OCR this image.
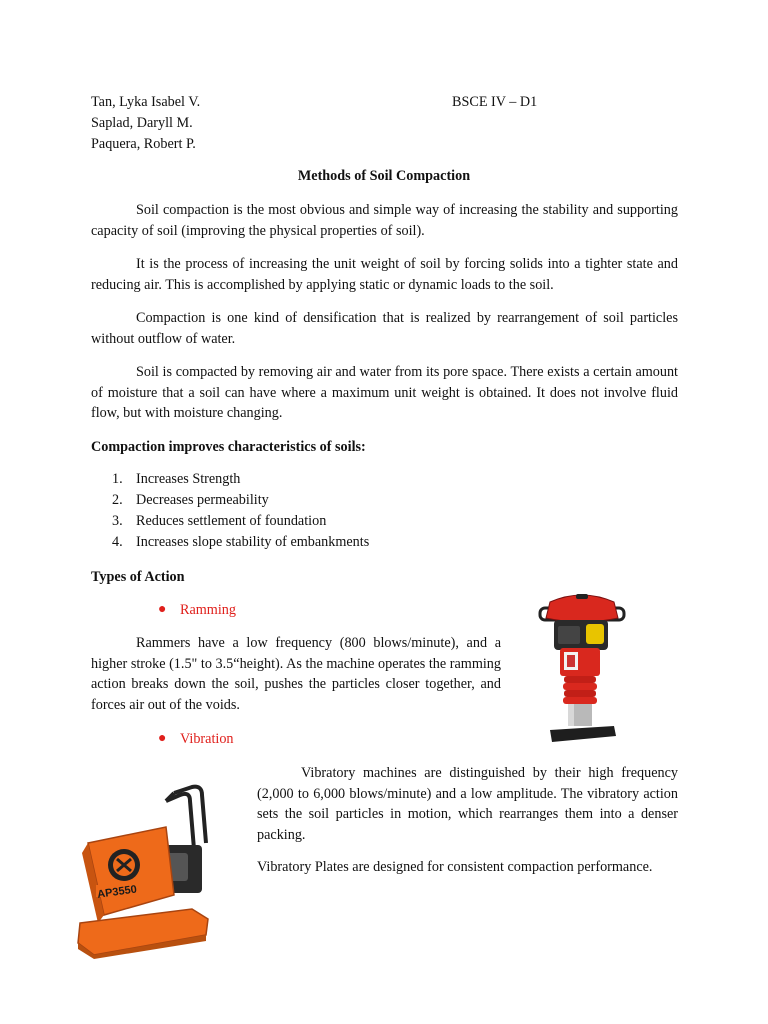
Tan, Lyka Isabel V.
Saplad, Daryll M.
Paquera, Robert P.
BSCE IV – D1
Methods of Soil Compaction
Soil compaction is the most obvious and simple way of increasing the stability and supporting capacity of soil (improving the physical properties of soil).
It is the process of increasing the unit weight of soil by forcing solids into a tighter state and reducing air. This is accomplished by applying static or dynamic loads to the soil.
Compaction is one kind of densification that is realized by rearrangement of soil particles without outflow of water.
Soil is compacted by removing air and water from its pore space. There exists a certain amount of moisture that a soil can have where a maximum unit weight is obtained. It does not involve fluid flow, but with moisture changing.
Compaction improves characteristics of soils:
1. Increases Strength
2. Decreases permeability
3. Reduces settlement of foundation
4. Increases slope stability of embankments
Types of Action
● Ramming
Rammers have a low frequency (800 blows/minute), and a higher stroke (1.5" to 3.5“height). As the machine operates the ramming action breaks down the soil, pushes the particles closer together, and forces air out of the voids.
● Vibration
Vibratory machines are distinguished by their high frequency (2,000 to 6,000 blows/minute) and a low amplitude. The vibratory action sets the soil particles in motion, which rearranges them into a denser packing.
Vibratory Plates are designed for consistent compaction performance.
AP3550
